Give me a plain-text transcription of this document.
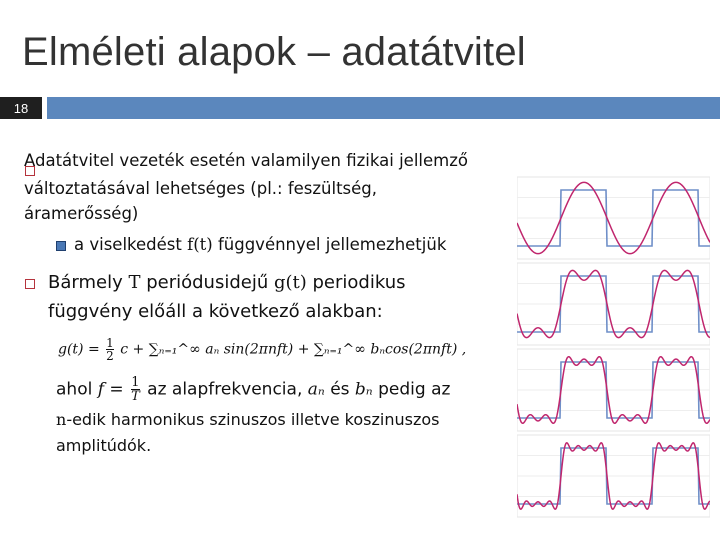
Elméleti alapok – adatátvitel
18
Adatátvitel vezeték esetén valamilyen fizikai jellemző
változtatásával lehetséges (pl.: feszültség,
áramerősség)
a viselkedést f(t) függvénnyel jellemezhetjük
Bármely T periódusidejű g(t) periodikus
függvény előáll a következő alakban:
$g(t) = \frac{1}{2}$ c + ∑ₙ₌₁^∞ aₙ sin(2πnft) + ∑ₙ₌₁^∞ bₙcos(2πnft) ,
ahol $f = \frac{1}{T}$ az alapfrekvencia, aₙ és bₙ pedig az
n-edik harmonikus szinuszos illetve koszinuszos
amplitúdók.
